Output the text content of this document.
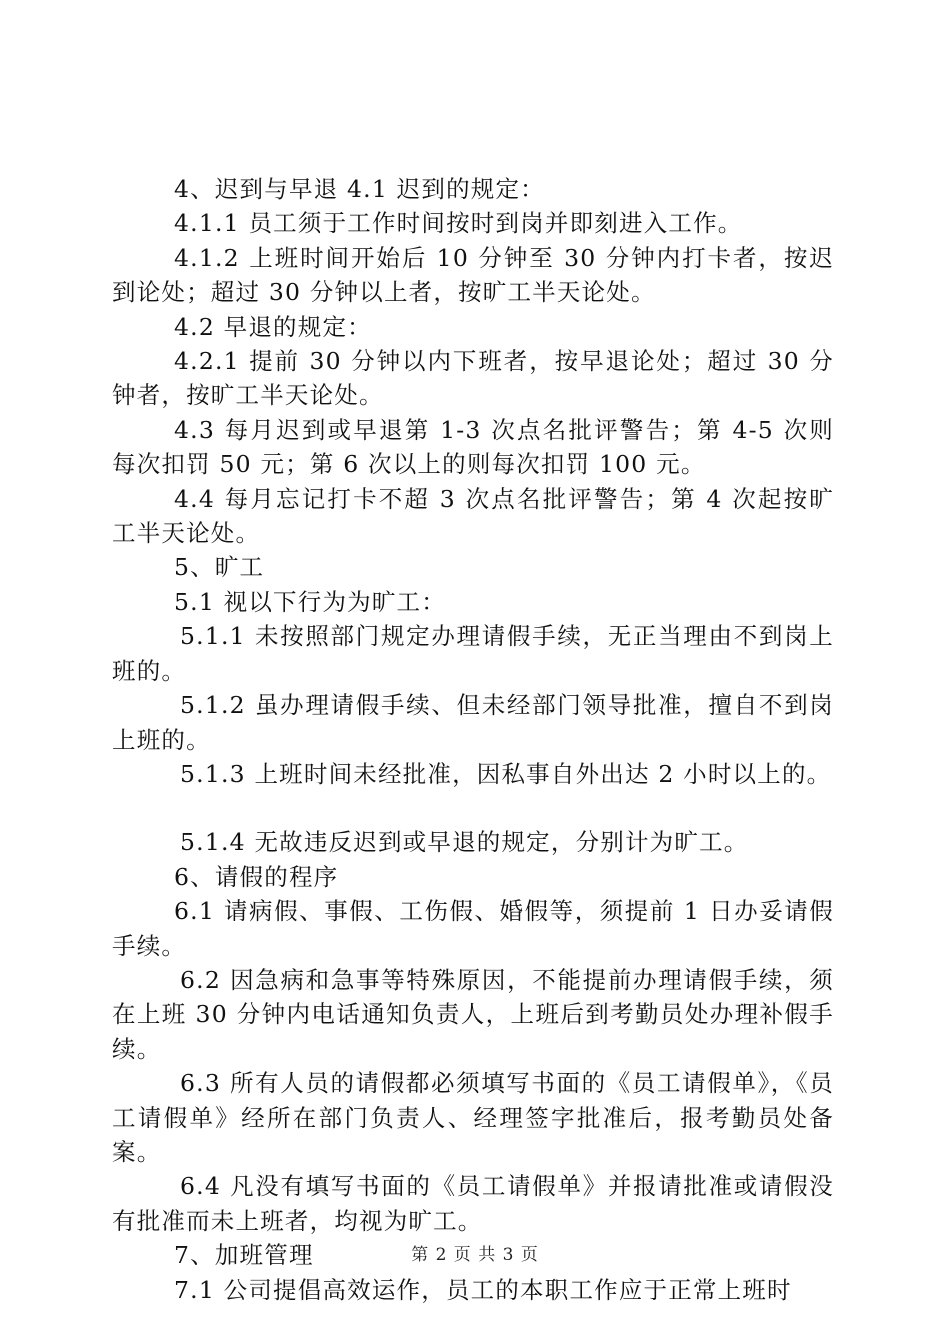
4、迟到与早退 4.1 迟到的规定：

4.1.1 员工须于工作时间按时到岗并即刻进入工作。

4.1.2 上班时间开始后 10 分钟至 30 分钟内打卡者，按迟到论处；超过 30 分钟以上者，按旷工半天论处。

4.2 早退的规定：

4.2.1 提前 30 分钟以内下班者，按早退论处；超过 30 分钟者，按旷工半天论处。

4.3 每月迟到或早退第 1-3 次点名批评警告；第 4-5 次则每次扣罚 50 元；第 6 次以上的则每次扣罚 100 元。

4.4 每月忘记打卡不超 3 次点名批评警告；第 4 次起按旷工半天论处。

5、旷工

5.1 视以下行为为旷工：

5.1.1 未按照部门规定办理请假手续，无正当理由不到岗上班的。

5.1.2 虽办理请假手续、但未经部门领导批准，擅自不到岗上班的。

5.1.3 上班时间未经批准，因私事自外出达 2 小时以上的。

5.1.4 无故违反迟到或早退的规定，分别计为旷工。

6、请假的程序

6.1 请病假、事假、工伤假、婚假等，须提前 1 日办妥请假手续。

6.2 因急病和急事等特殊原因，不能提前办理请假手续，须在上班 30 分钟内电话通知负责人，上班后到考勤员处办理补假手续。

6.3 所有人员的请假都必须填写书面的《员工请假单》，《员工请假单》经所在部门负责人、经理签字批准后，报考勤员处备案。

6.4 凡没有填写书面的《员工请假单》并报请批准或请假没有批准而未上班者，均视为旷工。

7、加班管理

7.1 公司提倡高效运作，员工的本职工作应于正常上班时

第 2 页 共 3 页
